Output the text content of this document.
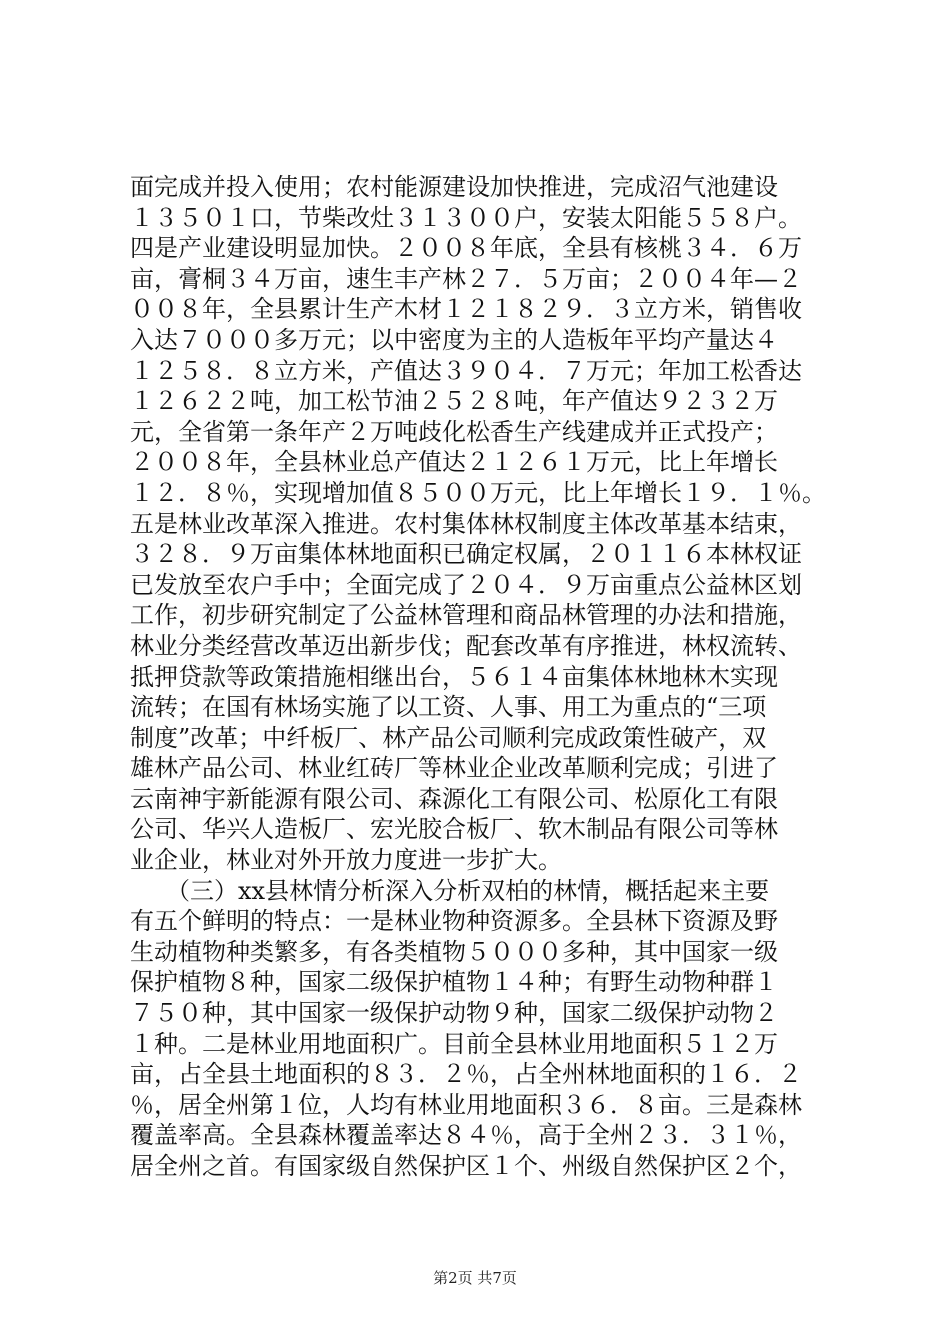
面完成并投入使用；农村能源建设加快推进，完成沼气池建设
１３５０１口，节柴改灶３１３００户，安装太阳能５５８户。
四是产业建设明显加快。２００８年底，全县有核桃３４．６万
亩，膏桐３４万亩，速生丰产林２７．５万亩；２００４年—２
００８年，全县累计生产木材１２１８２９．３立方米，销售收
入达７０００多万元；以中密度为主的人造板年平均产量达４
１２５８．８立方米，产值达３９０４．７万元；年加工松香达
１２６２２吨，加工松节油２５２８吨，年产值达９２３２万
元，全省第一条年产２万吨歧化松香生产线建成并正式投产；
２００８年，全县林业总产值达２１２６１万元，比上年增长
１２．８％，实现增加值８５００万元，比上年增长１９．１％。
五是林业改革深入推进。农村集体林权制度主体改革基本结束，
３２８．９万亩集体林地面积已确定权属，２０１１６本林权证
已发放至农户手中；全面完成了２０４．９万亩重点公益林区划
工作，初步研究制定了公益林管理和商品林管理的办法和措施，
林业分类经营改革迈出新步伐；配套改革有序推进，林权流转、
抵押贷款等政策措施相继出台，５６１４亩集体林地林木实现
流转；在国有林场实施了以工资、人事、用工为重点的“三项
制度”改革；中纤板厂、林产品公司顺利完成政策性破产，双
雄林产品公司、林业红砖厂等林业企业改革顺利完成；引进了
云南神宇新能源有限公司、森源化工有限公司、松原化工有限
公司、华兴人造板厂、宏光胶合板厂、软木制品有限公司等林
业企业，林业对外开放力度进一步扩大。
　　（三）xx县林情分析深入分析双柏的林情，概括起来主要
有五个鲜明的特点：一是林业物种资源多。全县林下资源及野
生动植物种类繁多，有各类植物５０００多种，其中国家一级
保护植物８种，国家二级保护植物１４种；有野生动物种群１
７５０种，其中国家一级保护动物９种，国家二级保护动物２
１种。二是林业用地面积广。目前全县林业用地面积５１２万
亩，占全县土地面积的８３．２％，占全州林地面积的１６．２
％，居全州第１位，人均有林业用地面积３６．８亩。三是森林
覆盖率高。全县森林覆盖率达８４％，高于全州２３．３１％，
居全州之首。有国家级自然保护区１个、州级自然保护区２个，
第2页 共7页
